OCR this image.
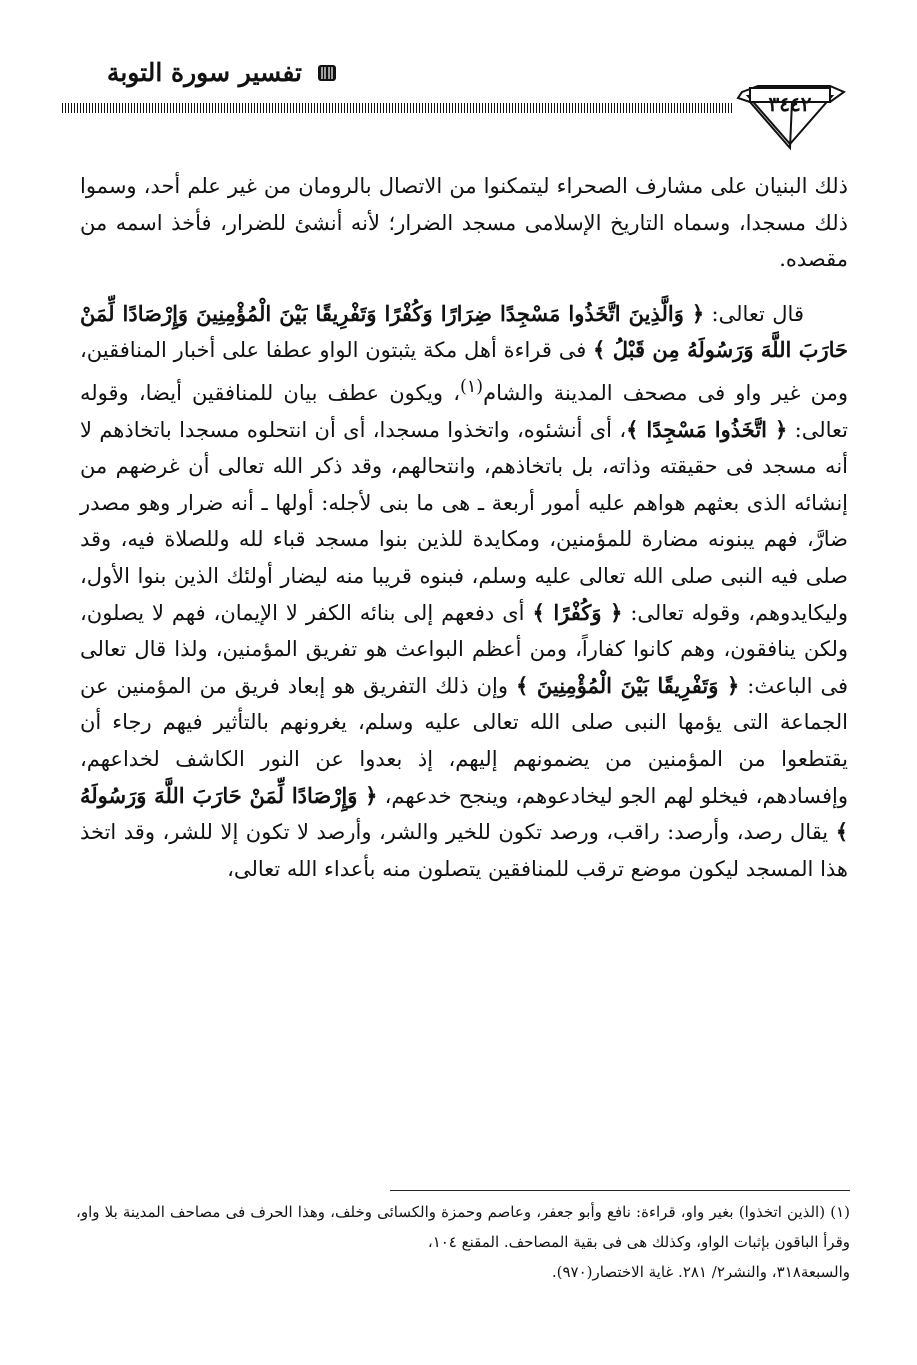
تفسير سورة التوبة
٣٤٤٢

ذلك البنيان على مشارف الصحراء ليتمكنوا من الاتصال بالرومان من غير علم أحد، وسموا ذلك مسجدا، وسماه التاريخ الإسلامى مسجد الضرار؛ لأنه أنشئ للضرار، فأخذ اسمه من مقصده.

قال تعالى: ﴿ وَالَّذِينَ اتَّخَذُوا مَسْجِدًا ضِرَارًا وَكُفْرًا وَتَفْرِيقًا بَيْنَ الْمُؤْمِنِينَ وَإِرْصَادًا لِّمَنْ حَارَبَ اللَّهَ وَرَسُولَهُ مِن قَبْلُ ﴾ فى قراءة أهل مكة يثبتون الواو عطفا على أخبار المنافقين، ومن غير واو فى مصحف المدينة والشام$^{(١)}$، ويكون عطف بيان للمنافقين أيضا، وقوله تعالى: ﴿ اتَّخَذُوا مَسْجِدًا ﴾، أى أنشئوه، واتخذوا مسجدا، أى أن انتحلوه مسجدا باتخاذهم لا أنه مسجد فى حقيقته وذاته، بل باتخاذهم، وانتحالهم، وقد ذكر الله تعالى أن غرضهم من إنشائه الذى بعثهم هواهم عليه أمور أربعة ـ هى ما بنى لأجله: أولها ـ أنه ضرار وهو مصدر ضارَّ، فهم يبنونه مضارة للمؤمنين، ومكايدة للذين بنوا مسجد قباء لله وللصلاة فيه، وقد صلى فيه النبى صلى الله تعالى عليه وسلم، فبنوه قريبا منه ليضار أولئك الذين بنوا الأول، وليكايدوهم، وقوله تعالى: ﴿ وَكُفْرًا ﴾ أى دفعهم إلى بنائه الكفر لا الإيمان، فهم لا يصلون، ولكن ينافقون، وهم كانوا كفاراً، ومن أعظم البواعث هو تفريق المؤمنين، ولذا قال تعالى فى الباعث: ﴿ وَتَفْرِيقًا بَيْنَ الْمُؤْمِنِينَ ﴾ وإن ذلك التفريق هو إبعاد فريق من المؤمنين عن الجماعة التى يؤمها النبى صلى الله تعالى عليه وسلم، يغرونهم بالتأثير فيهم رجاء أن يقتطعوا من المؤمنين من يضمونهم إليهم، إذ بعدوا عن النور الكاشف لخداعهم، وإفسادهم، فيخلو لهم الجو ليخادعوهم، وينجح خدعهم، ﴿ وَإِرْصَادًا لِّمَنْ حَارَبَ اللَّهَ وَرَسُولَهُ ﴾ يقال رصد، وأرصد: راقب، ورصد تكون للخير والشر، وأرصد لا تكون إلا للشر، وقد اتخذ هذا المسجد ليكون موضع ترقب للمنافقين يتصلون منه بأعداء الله تعالى،

(١) (الذين اتخذوا) بغير واو، قراءة: نافع وأبو جعفر، وعاصم وحمزة والكسائى وخلف، وهذا الحرف فى مصاحف المدينة بلا واو، وقرأ الباقون بإثبات الواو، وكذلك هى فى بقية المصاحف. المقنع ١٠٤،

والسبعة٣١٨، والنشر٢/ ٢٨١. غاية الاختصار(٩٧٠).
